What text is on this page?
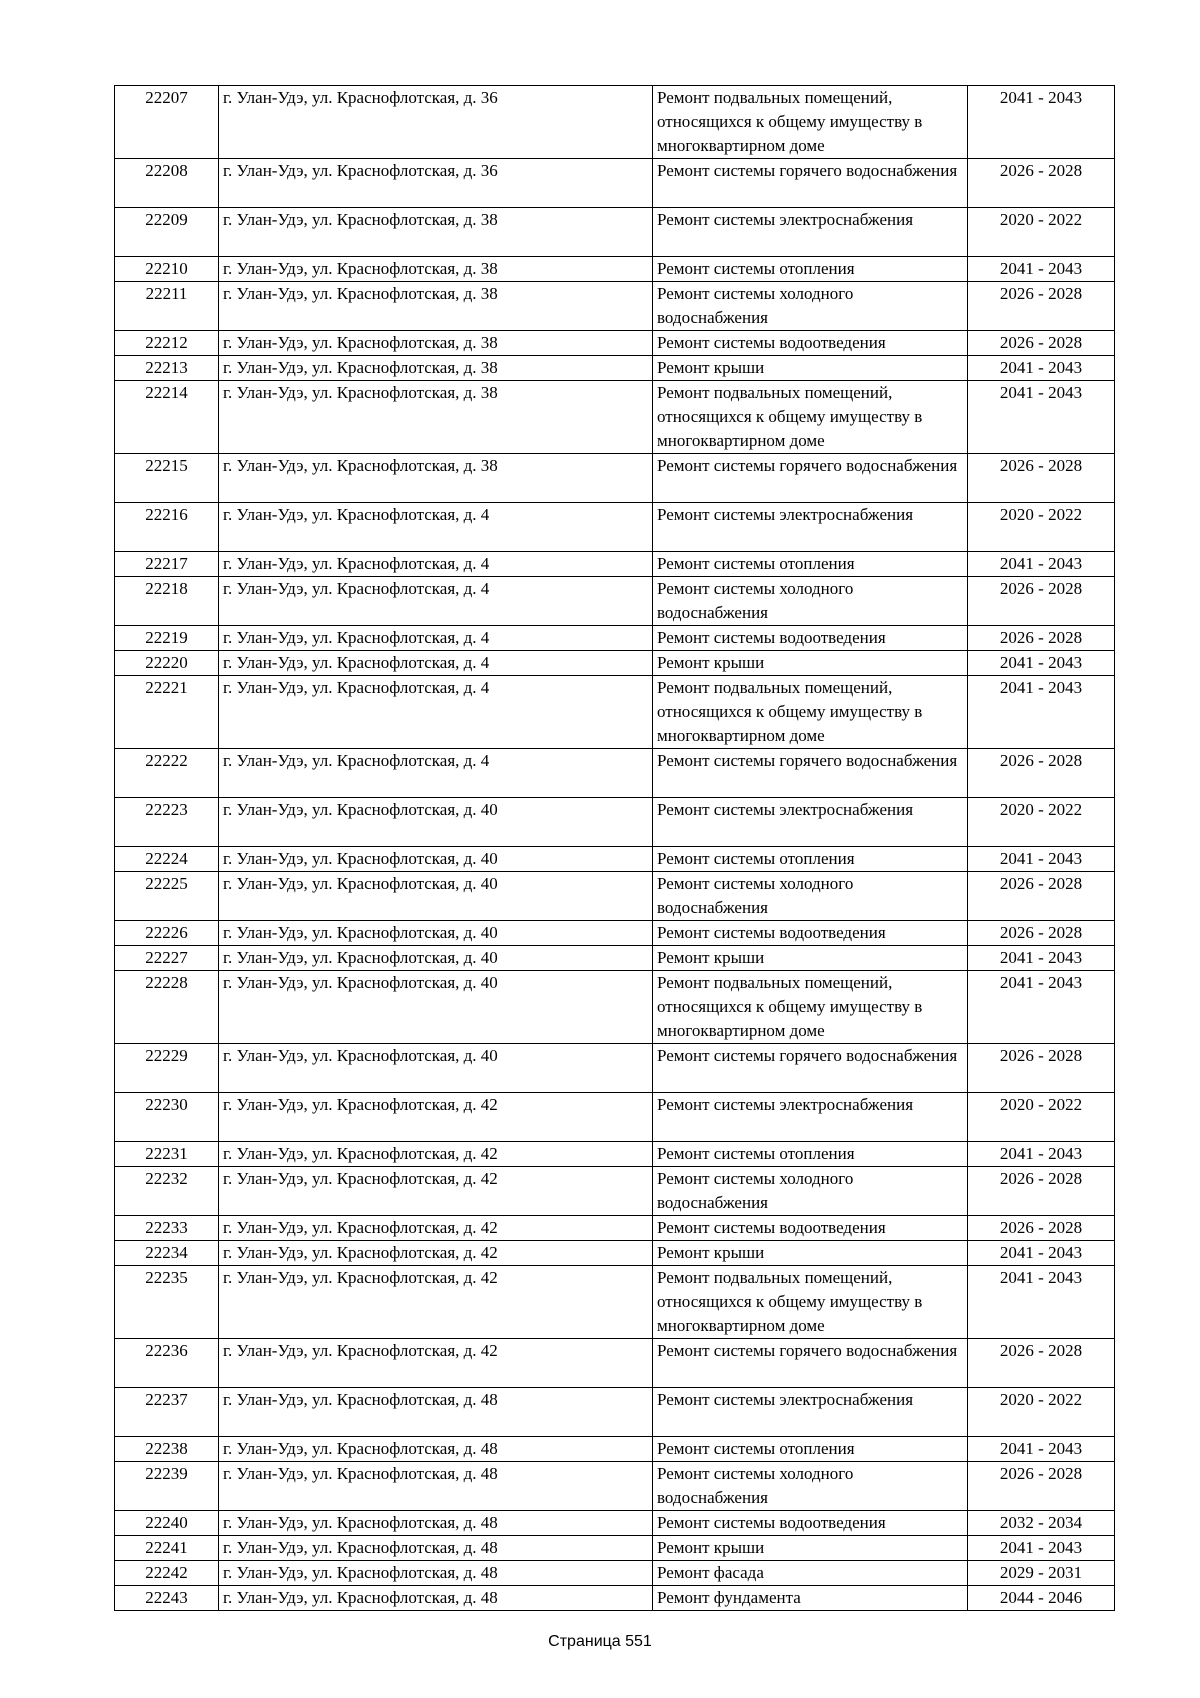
22207	г. Улан-Удэ, ул. Краснофлотская, д. 36	Ремонт подвальных помещений, относящихся к общему имуществу в многоквартирном доме	2041 - 2043
22208	г. Улан-Удэ, ул. Краснофлотская, д. 36	Ремонт системы горячего водоснабжения	2026 - 2028
22209	г. Улан-Удэ, ул. Краснофлотская, д. 38	Ремонт системы электроснабжения	2020 - 2022
22210	г. Улан-Удэ, ул. Краснофлотская, д. 38	Ремонт системы отопления	2041 - 2043
22211	г. Улан-Удэ, ул. Краснофлотская, д. 38	Ремонт системы холодного водоснабжения	2026 - 2028
22212	г. Улан-Удэ, ул. Краснофлотская, д. 38	Ремонт системы водоотведения	2026 - 2028
22213	г. Улан-Удэ, ул. Краснофлотская, д. 38	Ремонт крыши	2041 - 2043
22214	г. Улан-Удэ, ул. Краснофлотская, д. 38	Ремонт подвальных помещений, относящихся к общему имуществу в многоквартирном доме	2041 - 2043
22215	г. Улан-Удэ, ул. Краснофлотская, д. 38	Ремонт системы горячего водоснабжения	2026 - 2028
22216	г. Улан-Удэ, ул. Краснофлотская, д. 4	Ремонт системы электроснабжения	2020 - 2022
22217	г. Улан-Удэ, ул. Краснофлотская, д. 4	Ремонт системы отопления	2041 - 2043
22218	г. Улан-Удэ, ул. Краснофлотская, д. 4	Ремонт системы холодного водоснабжения	2026 - 2028
22219	г. Улан-Удэ, ул. Краснофлотская, д. 4	Ремонт системы водоотведения	2026 - 2028
22220	г. Улан-Удэ, ул. Краснофлотская, д. 4	Ремонт крыши	2041 - 2043
22221	г. Улан-Удэ, ул. Краснофлотская, д. 4	Ремонт подвальных помещений, относящихся к общему имуществу в многоквартирном доме	2041 - 2043
22222	г. Улан-Удэ, ул. Краснофлотская, д. 4	Ремонт системы горячего водоснабжения	2026 - 2028
22223	г. Улан-Удэ, ул. Краснофлотская, д. 40	Ремонт системы электроснабжения	2020 - 2022
22224	г. Улан-Удэ, ул. Краснофлотская, д. 40	Ремонт системы отопления	2041 - 2043
22225	г. Улан-Удэ, ул. Краснофлотская, д. 40	Ремонт системы холодного водоснабжения	2026 - 2028
22226	г. Улан-Удэ, ул. Краснофлотская, д. 40	Ремонт системы водоотведения	2026 - 2028
22227	г. Улан-Удэ, ул. Краснофлотская, д. 40	Ремонт крыши	2041 - 2043
22228	г. Улан-Удэ, ул. Краснофлотская, д. 40	Ремонт подвальных помещений, относящихся к общему имуществу в многоквартирном доме	2041 - 2043
22229	г. Улан-Удэ, ул. Краснофлотская, д. 40	Ремонт системы горячего водоснабжения	2026 - 2028
22230	г. Улан-Удэ, ул. Краснофлотская, д. 42	Ремонт системы электроснабжения	2020 - 2022
22231	г. Улан-Удэ, ул. Краснофлотская, д. 42	Ремонт системы отопления	2041 - 2043
22232	г. Улан-Удэ, ул. Краснофлотская, д. 42	Ремонт системы холодного водоснабжения	2026 - 2028
22233	г. Улан-Удэ, ул. Краснофлотская, д. 42	Ремонт системы водоотведения	2026 - 2028
22234	г. Улан-Удэ, ул. Краснофлотская, д. 42	Ремонт крыши	2041 - 2043
22235	г. Улан-Удэ, ул. Краснофлотская, д. 42	Ремонт подвальных помещений, относящихся к общему имуществу в многоквартирном доме	2041 - 2043
22236	г. Улан-Удэ, ул. Краснофлотская, д. 42	Ремонт системы горячего водоснабжения	2026 - 2028
22237	г. Улан-Удэ, ул. Краснофлотская, д. 48	Ремонт системы электроснабжения	2020 - 2022
22238	г. Улан-Удэ, ул. Краснофлотская, д. 48	Ремонт системы отопления	2041 - 2043
22239	г. Улан-Удэ, ул. Краснофлотская, д. 48	Ремонт системы холодного водоснабжения	2026 - 2028
22240	г. Улан-Удэ, ул. Краснофлотская, д. 48	Ремонт системы водоотведения	2032 - 2034
22241	г. Улан-Удэ, ул. Краснофлотская, д. 48	Ремонт крыши	2041 - 2043
22242	г. Улан-Удэ, ул. Краснофлотская, д. 48	Ремонт фасада	2029 - 2031
22243	г. Улан-Удэ, ул. Краснофлотская, д. 48	Ремонт фундамента	2044 - 2046
Страница 551
